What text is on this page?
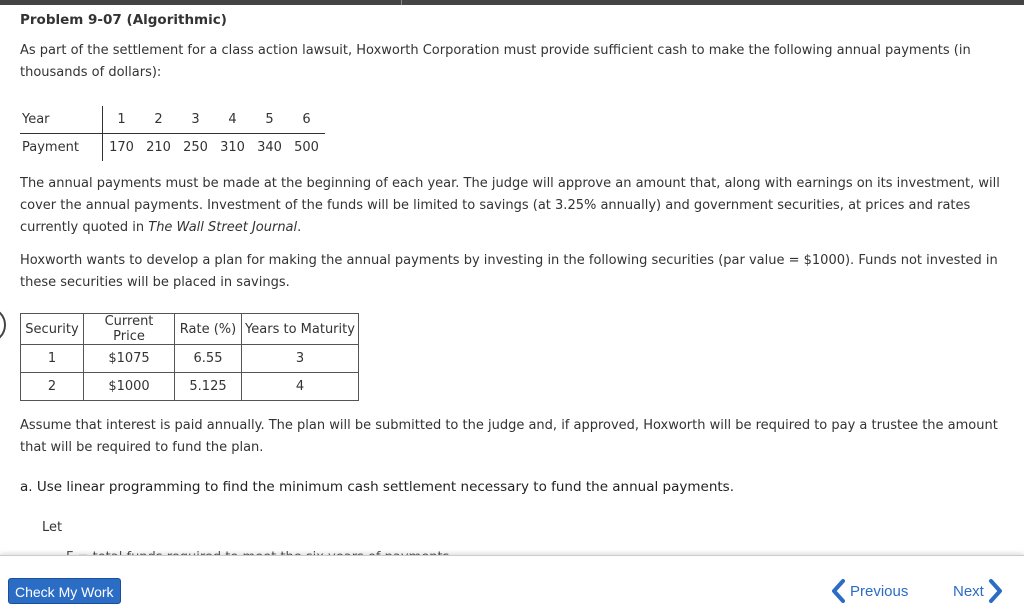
Problem 9-07 (Algorithmic)

As part of the settlement for a class action lawsuit, Hoxworth Corporation must provide sufficient cash to make the following annual payments (in thousands of dollars):

Year	1	2	3	4	5	6
Payment	170	210	250	310	340	500

The annual payments must be made at the beginning of each year. The judge will approve an amount that, along with earnings on its investment, will cover the annual payments. Investment of the funds will be limited to savings (at 3.25% annually) and government securities, at prices and rates currently quoted in The Wall Street Journal.

Hoxworth wants to develop a plan for making the annual payments by investing in the following securities (par value = $1000). Funds not invested in these securities will be placed in savings.

Security	Current Price	Rate (%)	Years to Maturity
1	$1075	6.55	3
2	$1000	5.125	4

Assume that interest is paid annually. The plan will be submitted to the judge and, if approved, Hoxworth will be required to pay a trustee the amount that will be required to fund the plan.

a. Use linear programming to find the minimum cash settlement necessary to fund the annual payments.
Let
Check My Work	Previous	Next
